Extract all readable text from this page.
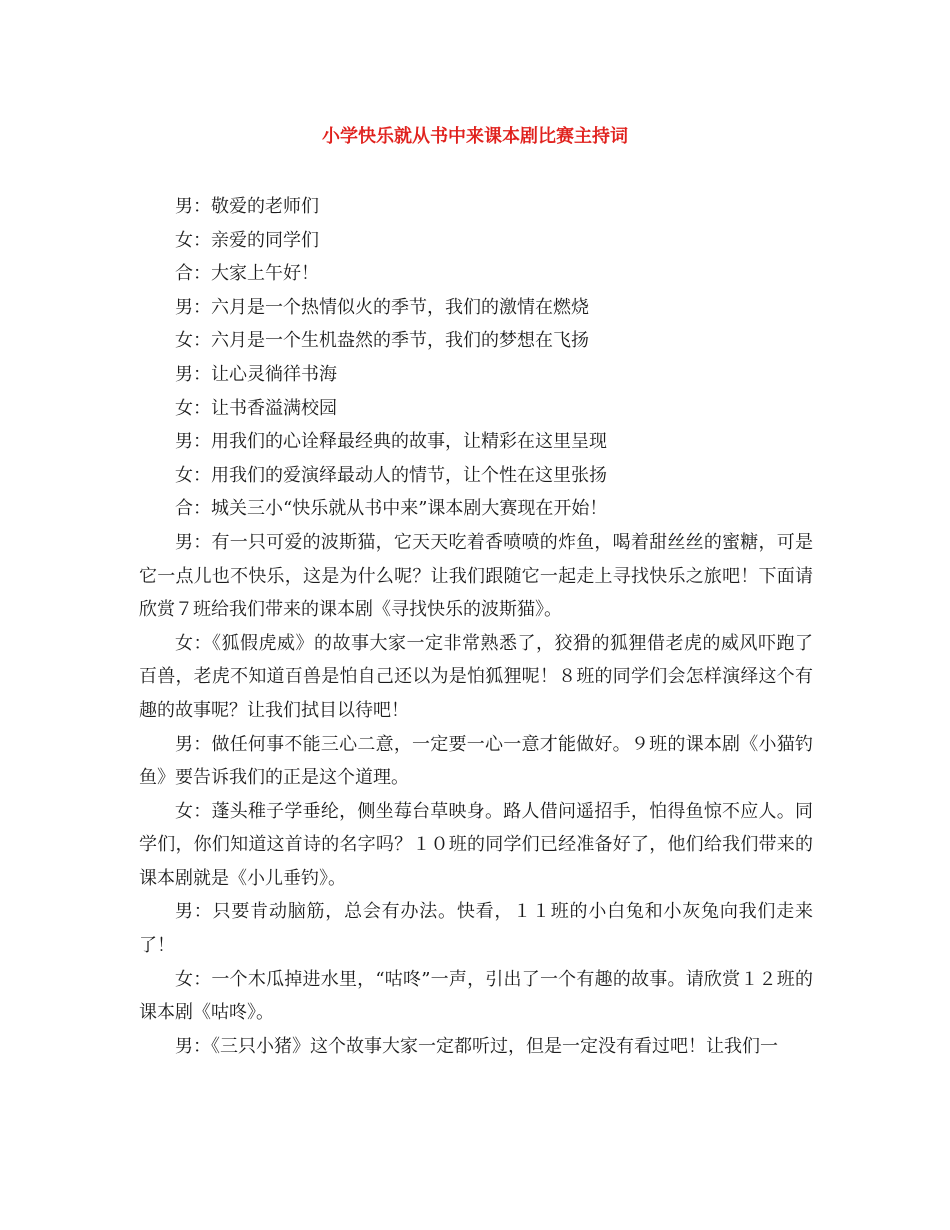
小学快乐就从书中来课本剧比赛主持词

男：敬爱的老师们

女：亲爱的同学们

合：大家上午好！

男：六月是一个热情似火的季节，我们的激情在燃烧

女：六月是一个生机盎然的季节，我们的梦想在飞扬

男：让心灵徜徉书海

女：让书香溢满校园

男：用我们的心诠释最经典的故事，让精彩在这里呈现

女：用我们的爱演绎最动人的情节，让个性在这里张扬

合：城关三小“快乐就从书中来”课本剧大赛现在开始！

男：有一只可爱的波斯猫，它天天吃着香喷喷的炸鱼，喝着甜丝丝的蜜糖，可是它一点儿也不快乐，这是为什么呢？让我们跟随它一起走上寻找快乐之旅吧！下面请欣赏７班给我们带来的课本剧《寻找快乐的波斯猫》。

女：《狐假虎威》的故事大家一定非常熟悉了，狡猾的狐狸借老虎的威风吓跑了百兽，老虎不知道百兽是怕自己还以为是怕狐狸呢！８班的同学们会怎样演绎这个有趣的故事呢？让我们拭目以待吧！

男：做任何事不能三心二意，一定要一心一意才能做好。９班的课本剧《小猫钓鱼》要告诉我们的正是这个道理。

女：蓬头稚子学垂纶，侧坐莓台草映身。路人借问遥招手，怕得鱼惊不应人。同学们，你们知道这首诗的名字吗？１０班的同学们已经准备好了，他们给我们带来的课本剧就是《小儿垂钓》。

男：只要肯动脑筋，总会有办法。快看，１１班的小白兔和小灰兔向我们走来了！

女：一个木瓜掉进水里，“咕咚”一声，引出了一个有趣的故事。请欣赏１２班的课本剧《咕咚》。

男：《三只小猪》这个故事大家一定都听过，但是一定没有看过吧！让我们一
